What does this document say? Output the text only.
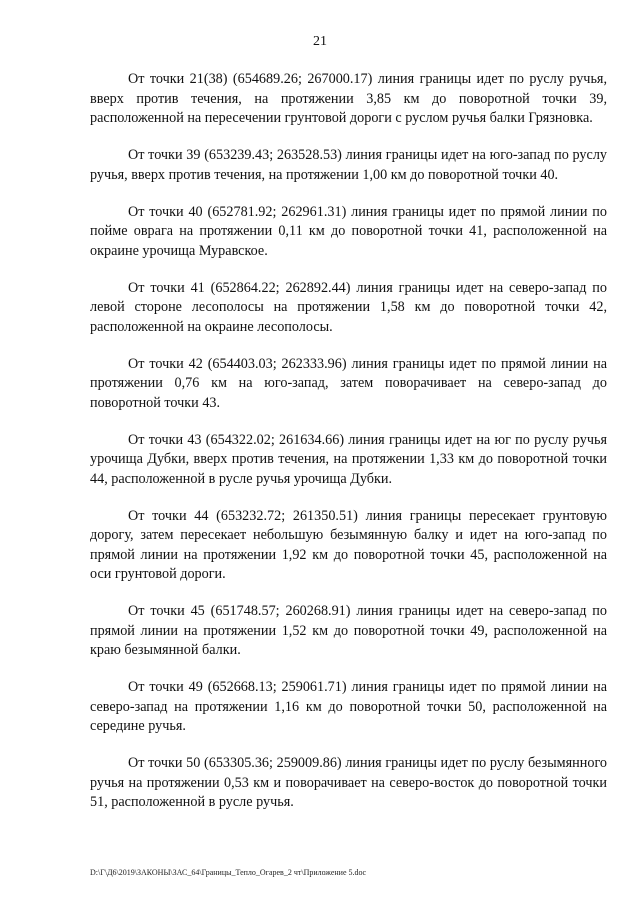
21

От точки 21(38) (654689.26; 267000.17) линия границы идет по руслу ручья, вверх против течения, на протяжении 3,85 км до поворотной точки 39, расположенной на пересечении грунтовой дороги с руслом ручья балки Грязновка.

От точки 39 (653239.43; 263528.53) линия границы идет на юго-запад по руслу ручья, вверх против течения, на протяжении 1,00 км до поворотной точки 40.

От точки 40 (652781.92; 262961.31) линия границы идет по прямой линии по пойме оврага на протяжении 0,11 км до поворотной точки 41, расположенной на окраине урочища Муравское.

От точки 41 (652864.22; 262892.44) линия границы идет на северо-запад по левой стороне лесополосы на протяжении 1,58 км до поворотной точки 42, расположенной на окраине лесополосы.

От точки 42 (654403.03; 262333.96) линия границы идет по прямой линии на протяжении 0,76 км на юго-запад, затем поворачивает на северо-запад до поворотной точки 43.

От точки 43 (654322.02; 261634.66) линия границы идет на юг по руслу ручья урочища Дубки, вверх против течения, на протяжении 1,33 км до поворотной точки 44, расположенной в русле ручья урочища Дубки.

От точки 44 (653232.72; 261350.51) линия границы пересекает грунтовую дорогу, затем пересекает небольшую безымянную балку и идет на юго-запад по прямой линии на протяжении 1,92 км до поворотной точки 45, расположенной на оси грунтовой дороги.

От точки 45 (651748.57; 260268.91) линия границы идет на северо-запад по прямой линии на протяжении 1,52 км до поворотной точки 49, расположенной на краю безымянной балки.

От точки 49 (652668.13; 259061.71) линия границы идет по прямой линии на северо-запад на протяжении 1,16 км до поворотной точки 50, расположенной на середине ручья.

От точки 50 (653305.36; 259009.86) линия границы идет по руслу безымянного ручья на протяжении 0,53 км и поворачивает на северо-восток до поворотной точки 51, расположенной в русле ручья.

D:\Г\Д6\2019\ЗАКОНЫ\ЗАС_64\Границы_Тепло_Огарев_2 чт\Приложение 5.doc
